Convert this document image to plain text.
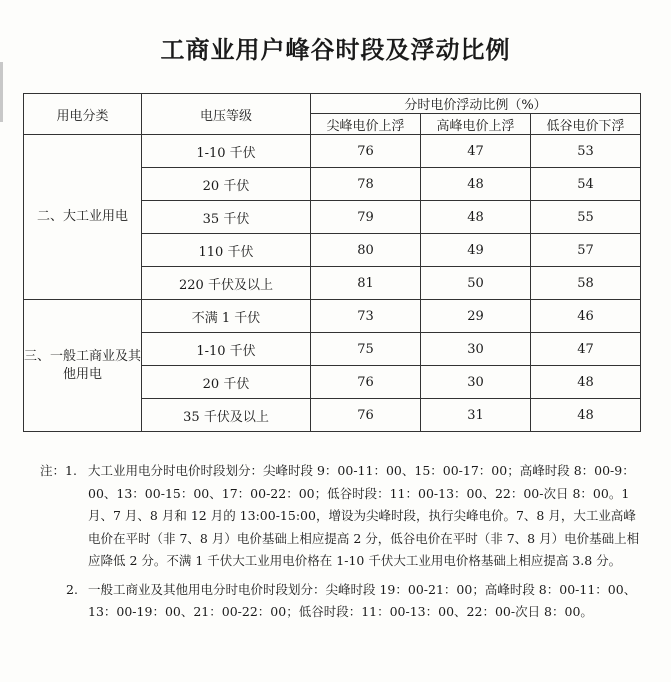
工商业用户峰谷时段及浮动比例
用电分类	电压等级	分时电价浮动比例（%）		
		尖峰电价上浮	高峰电价上浮	低谷电价下浮
二、大工业用电	1-10 千伏	76	47	53
	20 千伏	78	48	54
	35 千伏	79	48	55
	110 千伏	80	49	57
	220 千伏及以上	81	50	58
三、一般工商业及其他用电	不满 1 千伏	73	29	46
	1-10 千伏	75	30	47
	20 千伏	76	30	48
	35 千伏及以上	76	31	48
注：1. 大工业用电分时电价时段划分：尖峰时段 9：00-11：00、15：00-17：00；高峰时段 8：00-9：00、13：00-15：00、17：00-22：00；低谷时段：11：00-13：00、22：00-次日 8：00。1 月、7 月、8 月和 12 月的 13:00-15:00，增设为尖峰时段，执行尖峰电价。7、8 月，大工业高峰电价在平时（非 7、8 月）电价基础上相应提高 2 分，低谷电价在平时（非 7、8 月）电价基础上相应降低 2 分。不满 1 千伏大工业用电价格在 1-10 千伏大工业用电价格基础上相应提高 3.8 分。
2. 一般工商业及其他用电分时电价时段划分：尖峰时段 19：00-21：00；高峰时段 8：00-11：00、13：00-19：00、21：00-22：00；低谷时段：11：00-13：00、22：00-次日 8：00。
